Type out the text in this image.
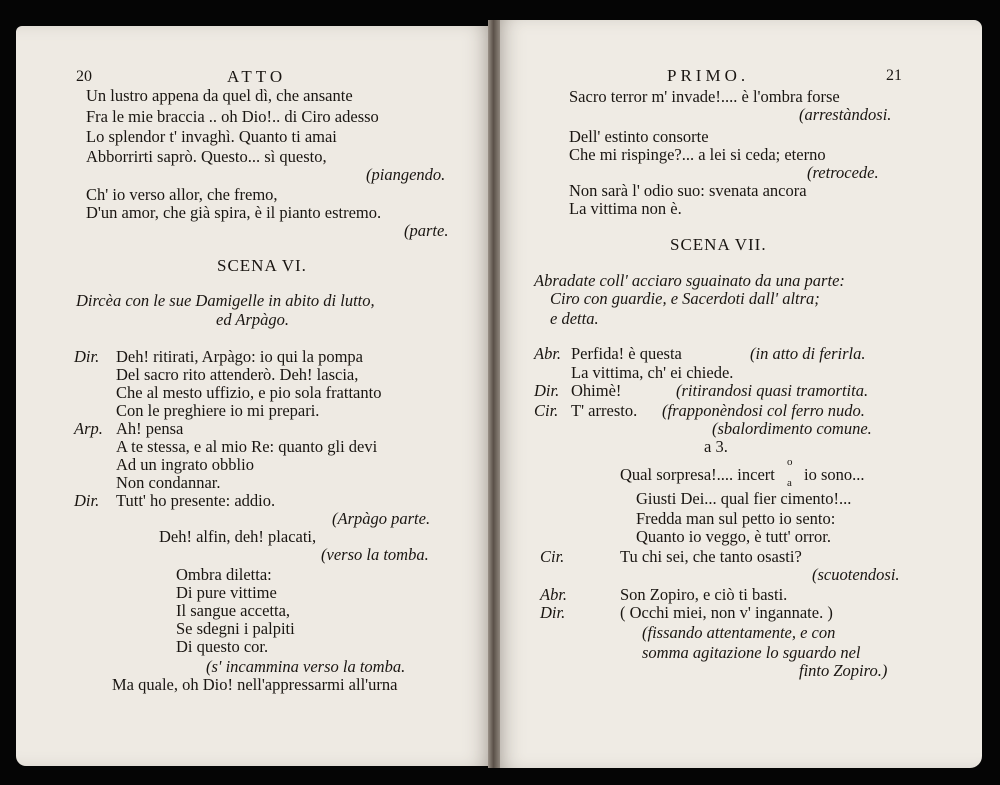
20	ATTO
Un lustro appena da quel dì, che ansante
Fra le mie braccia .. oh Dio!.. di Ciro adesso
Lo splendor t' invaghì. Quanto ti amai
Abborrirti saprò. Questo... sì questo,
(piangendo.
Ch' io verso allor, che fremo,
D'un amor, che già spira, è il pianto estremo.
(parte.
SCENA VI.
Dircèa con le sue Damigelle in abito di lutto,
ed Arpàgo.
Dir. Deh! ritirati, Arpàgo: io qui la pompa
Del sacro rito attenderò. Deh! lascia,
Che al mesto uffizio, e pio sola frattanto
Con le preghiere io mi prepari.
Arp. Ah! pensa
A te stessa, e al mio Re: quanto gli devi
Ad un ingrato obblio
Non condannar.
Dir. Tutt' ho presente: addio.
(Arpàgo parte.
Deh! alfin, deh! placati,
(verso la tomba.
Ombra diletta:
Di pure vittime
Il sangue accetta,
Se sdegni i palpiti
Di questo cor.
(s' incammina verso la tomba.
Ma quale, oh Dio! nell'appressarmi all'urna
PRIMO.	21
Sacro terror m' invade!.... è l'ombra forse
(arrestàndosi.
Dell' estinto consorte
Che mi rispinge?... a lei si ceda; eterno
(retrocede.
Non sarà l' odio suo: svenata ancora
La vittima non è.
SCENA VII.
Abradate coll' acciaro sguainato da una parte:
Ciro con guardie, e Sacerdoti dall' altra;
e detta.
Abr. Perfida! è questa	(in atto di ferirla.
La vittima, ch' ei chiede.
Dir. Ohimè!	(ritirandosi quasi tramortita.
Cir. T' arresto. (frapponèndosi col ferro nudo.
(sbalordimento comune.
a 3.
Qual sorpresa!.... incert
o
a io sono...
Giusti Dei... qual fier cimento!...
Fredda man sul petto io sento:
Quanto io veggo, è tutt' orror.
Cir.	Tu chi sei, che tanto osasti?
(scuotendosi.
Abr.	Son Zopiro, e ciò ti basti.
Dir.	( Occhi miei, non v' ingannate. )
(fissando attentamente, e con
somma agitazione lo sguardo nel
finto Zopiro.)
